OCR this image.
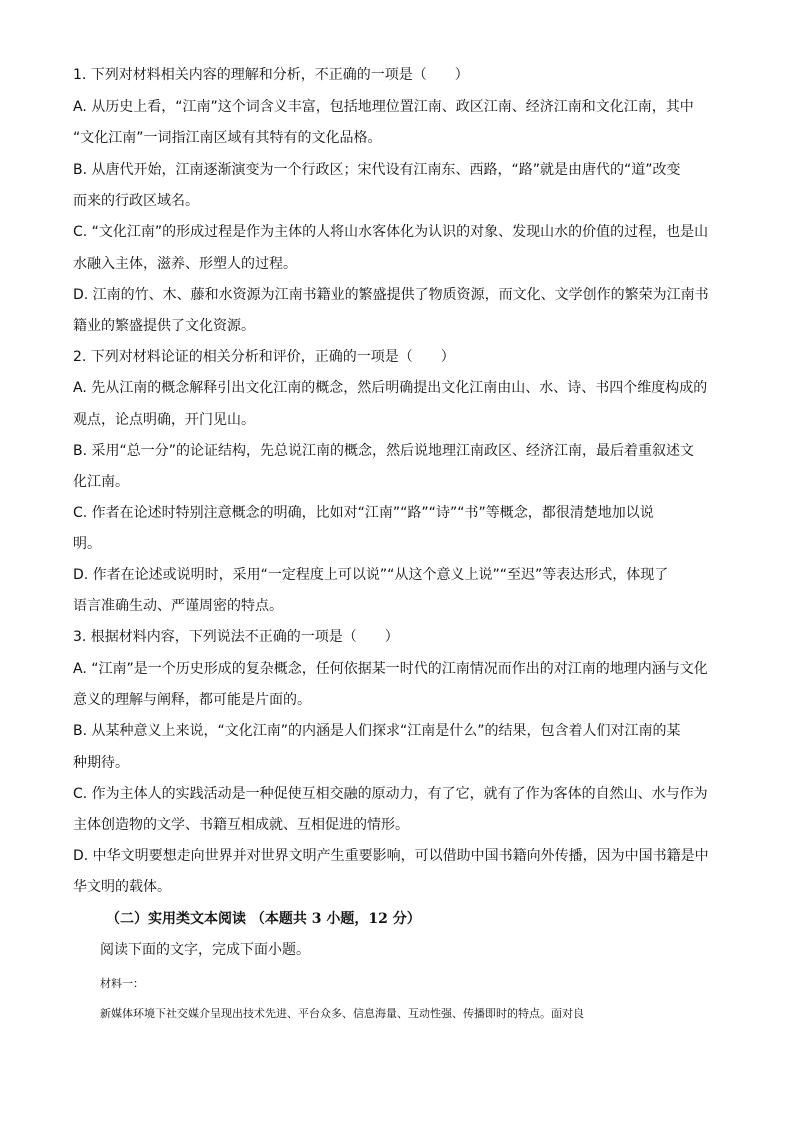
1. 下列对材料相关内容的理解和分析，不正确的一项是（　　）
A. 从历史上看，“江南”这个词含义丰富，包括地理位置江南、政区江南、经济江南和文化江南，其中
“文化江南”一词指江南区域有其特有的文化品格。
B. 从唐代开始，江南逐渐演变为一个行政区；宋代设有江南东、西路，“路”就是由唐代的“道”改变
而来的行政区域名。
C. “文化江南”的形成过程是作为主体的人将山水客体化为认识的对象、发现山水的价值的过程，也是山
水融入主体，滋养、形塑人的过程。
D. 江南的竹、木、藤和水资源为江南书籍业的繁盛提供了物质资源，而文化、文学创作的繁荣为江南书
籍业的繁盛提供了文化资源。
2. 下列对材料论证的相关分析和评价，正确的一项是（　　）
A. 先从江南的概念解释引出文化江南的概念，然后明确提出文化江南由山、水、诗、书四个维度构成的
观点，论点明确，开门见山。
B. 采用“总一分”的论证结构，先总说江南的概念，然后说地理江南政区、经济江南，最后着重叙述文
化江南。
C. 作者在论述时特别注意概念的明确，比如对“江南”“路”“诗”“书”等概念，都很清楚地加以说
明。
D. 作者在论述或说明时，采用“一定程度上可以说”“从这个意义上说”“至迟”等表达形式，体现了
语言准确生动、严谨周密的特点。
3. 根据材料内容，下列说法不正确的一项是（　　）
A. “江南”是一个历史形成的复杂概念，任何依据某一时代的江南情况而作出的对江南的地理内涵与文化
意义的理解与阐释，都可能是片面的。
B. 从某种意义上来说，“文化江南”的内涵是人们探求“江南是什么”的结果，包含着人们对江南的某
种期待。
C. 作为主体人的实践活动是一种促使互相交融的原动力，有了它，就有了作为客体的自然山、水与作为
主体创造物的文学、书籍互相成就、互相促进的情形。
D. 中华文明要想走向世界并对世界文明产生重要影响，可以借助中国书籍向外传播，因为中国书籍是中
华文明的载体。
（二）实用类文本阅读 （本题共 3 小题，12 分）
阅读下面的文字，完成下面小题。
材料一：
新媒体环境下社交媒介呈现出技术先进、平台众多、信息海量、互动性强、传播即时的特点。面对良
